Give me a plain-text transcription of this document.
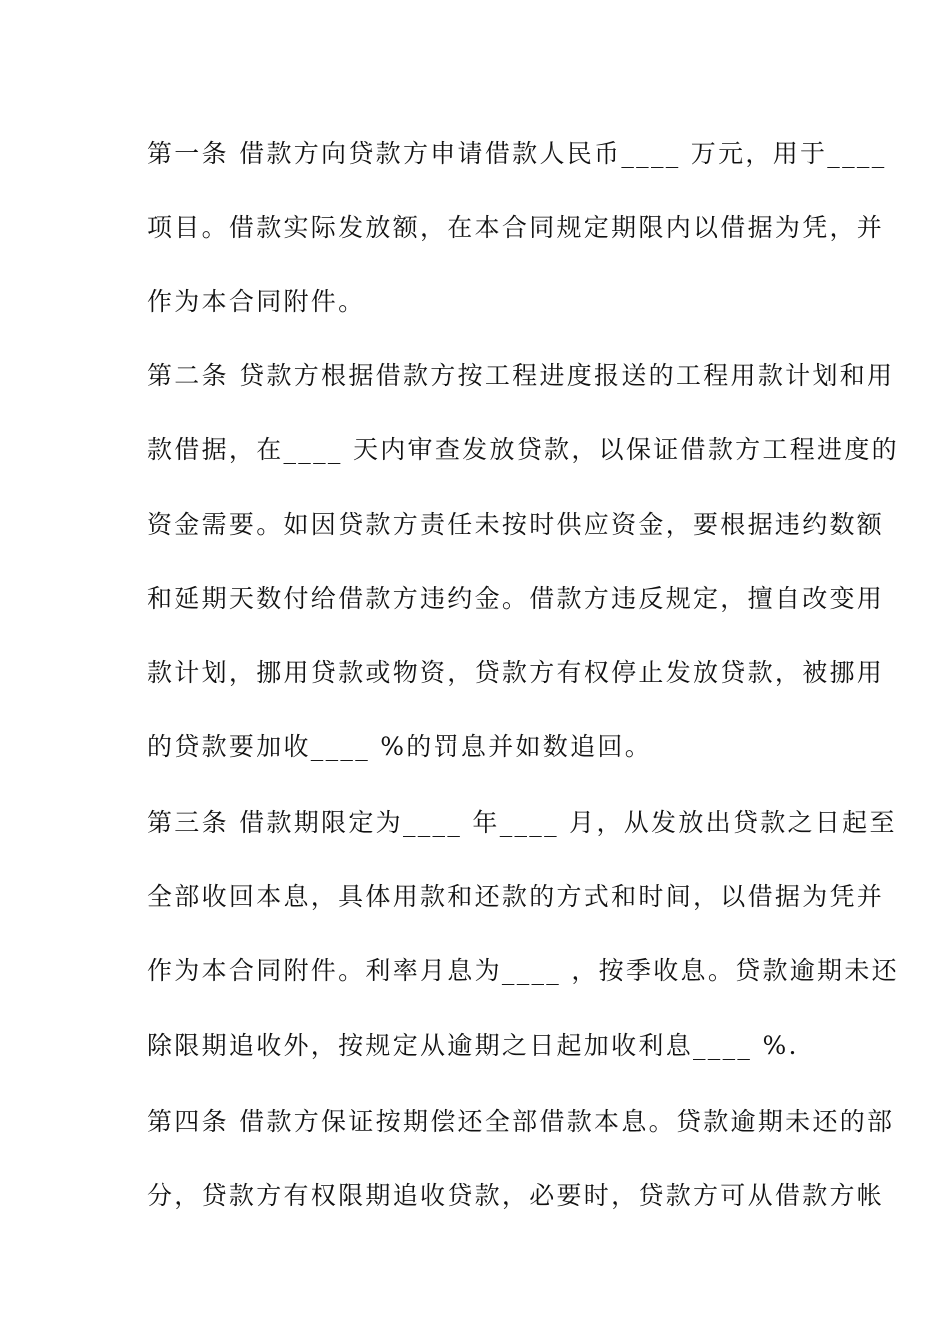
第一条 借款方向贷款方申请借款人民币____ 万元，用于____
项目。借款实际发放额，在本合同规定期限内以借据为凭，并
作为本合同附件。
第二条 贷款方根据借款方按工程进度报送的工程用款计划和用
款借据，在____ 天内审查发放贷款，以保证借款方工程进度的
资金需要。如因贷款方责任未按时供应资金，要根据违约数额
和延期天数付给借款方违约金。借款方违反规定，擅自改变用
款计划，挪用贷款或物资，贷款方有权停止发放贷款，被挪用
的贷款要加收____ %的罚息并如数追回。
第三条 借款期限定为____ 年____ 月，从发放出贷款之日起至
全部收回本息，具体用款和还款的方式和时间，以借据为凭并
作为本合同附件。利率月息为____ ，按季收息。贷款逾期未还
除限期追收外，按规定从逾期之日起加收利息____ %.
第四条 借款方保证按期偿还全部借款本息。贷款逾期未还的部
分，贷款方有权限期追收贷款，必要时，贷款方可从借款方帐
